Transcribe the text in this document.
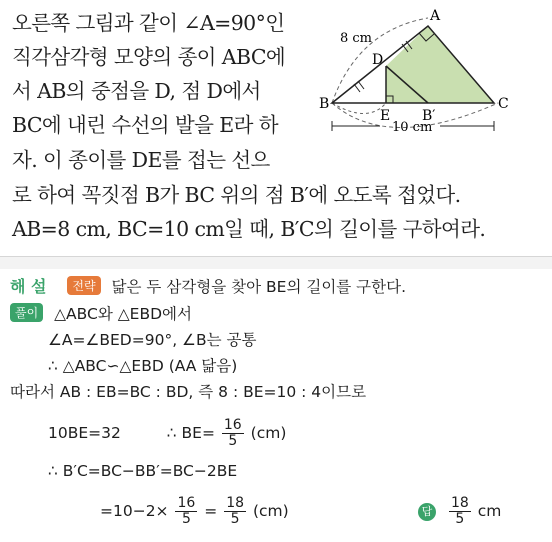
오른쪽 그림과 같이 ∠A=90°인
직각삼각형 모양의 종이 ABC에
서 AB의 중점을 D, 점 D에서
BC에 내린 수선의 발을 E라 하
자. 이 종이를 DE를 접는 선으
로 하여 꼭짓점 B가 BC 위의 점 B′에 오도록 접었다.
AB=8 cm, BC=10 cm일 때, B′C의 길이를 구하여라.
A
B	C
D
E B′
8 cm
10 cm
해 설 전략 닮은 두 삼각형을 찾아 BE의 길이를 구한다.
풀이 △ABC와 △EBD에서
∠A=∠BED=90°, ∠B는 공통
∴ △ABC∽△EBD (AA 닮음)
따라서 AB : EB=BC : BD, 즉 8 : BE=10 : 4이므로
10BE=32	∴ $BE= \frac{16}{5} (cm)$
∴ B′C=BC−BB′=BC−2BE
$=10-2\times \frac{16}{5} = \frac{18}{5} (cm)$	답 $\frac{18}{5}$ cm
